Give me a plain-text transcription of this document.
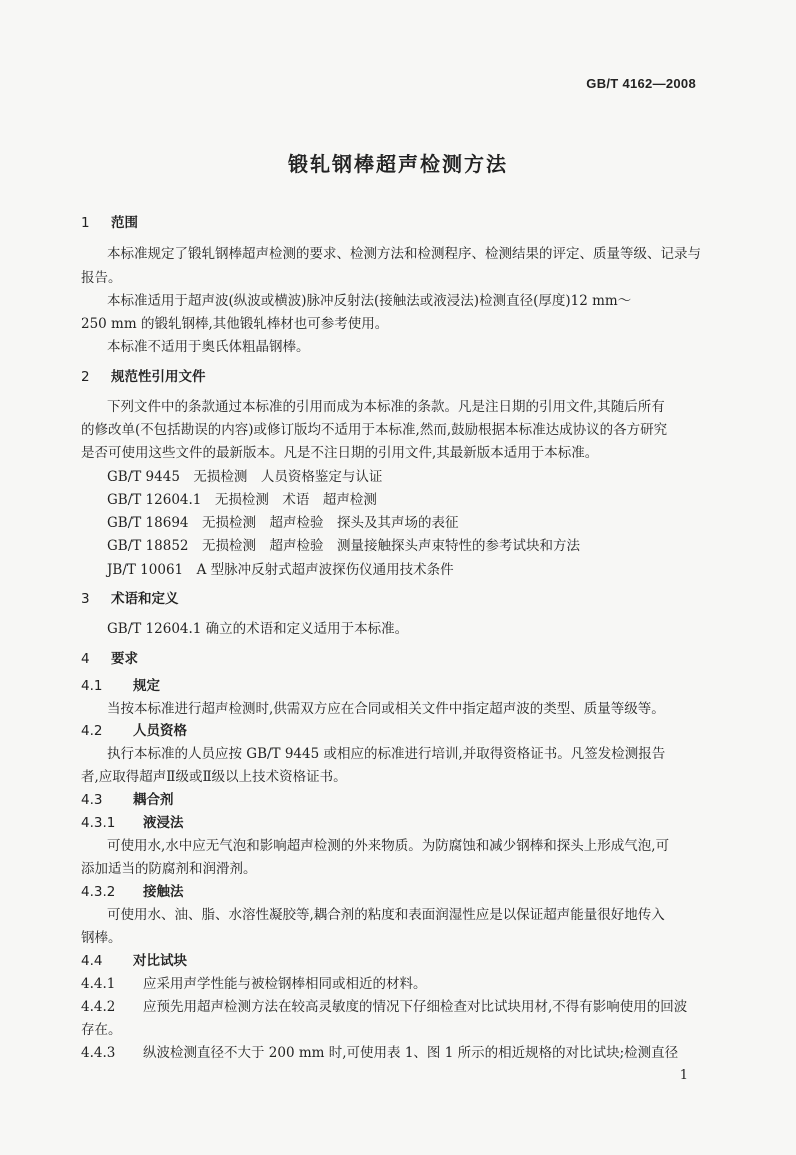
GB/T 4162—2008
锻轧钢棒超声检测方法
1 范围
本标准规定了锻轧钢棒超声检测的要求、检测方法和检测程序、检测结果的评定、质量等级、记录与
报告。
本标准适用于超声波(纵波或横波)脉冲反射法(接触法或液浸法)检测直径(厚度)12 mm～
250 mm 的锻轧钢棒,其他锻轧棒材也可参考使用。
本标准不适用于奥氏体粗晶钢棒。
2 规范性引用文件
下列文件中的条款通过本标准的引用而成为本标准的条款。凡是注日期的引用文件,其随后所有
的修改单(不包括勘误的内容)或修订版均不适用于本标准,然而,鼓励根据本标准达成协议的各方研究
是否可使用这些文件的最新版本。凡是不注日期的引用文件,其最新版本适用于本标准。
GB/T 9445　无损检测　人员资格鉴定与认证
GB/T 12604.1　无损检测　术语　超声检测
GB/T 18694　无损检测　超声检验　探头及其声场的表征
GB/T 18852　无损检测　超声检验　测量接触探头声束特性的参考试块和方法
JB/T 10061　A 型脉冲反射式超声波探伤仪通用技术条件
3 术语和定义
GB/T 12604.1 确立的术语和定义适用于本标准。
4 要求
4.1 规定
当按本标准进行超声检测时,供需双方应在合同或相关文件中指定超声波的类型、质量等级等。
4.2 人员资格
执行本标准的人员应按 GB/T 9445 或相应的标准进行培训,并取得资格证书。凡签发检测报告
者,应取得超声Ⅱ级或Ⅱ级以上技术资格证书。
4.3 耦合剂
4.3.1 液浸法
可使用水,水中应无气泡和影响超声检测的外来物质。为防腐蚀和减少钢棒和探头上形成气泡,可
添加适当的防腐剂和润滑剂。
4.3.2 接触法
可使用水、油、脂、水溶性凝胶等,耦合剂的粘度和表面润湿性应是以保证超声能量很好地传入
钢棒。
4.4 对比试块
4.4.1 应采用声学性能与被检钢棒相同或相近的材料。
4.4.2 应预先用超声检测方法在较高灵敏度的情况下仔细检查对比试块用材,不得有影响使用的回波
存在。
4.4.3 纵波检测直径不大于 200 mm 时,可使用表 1、图 1 所示的相近规格的对比试块;检测直径
1
